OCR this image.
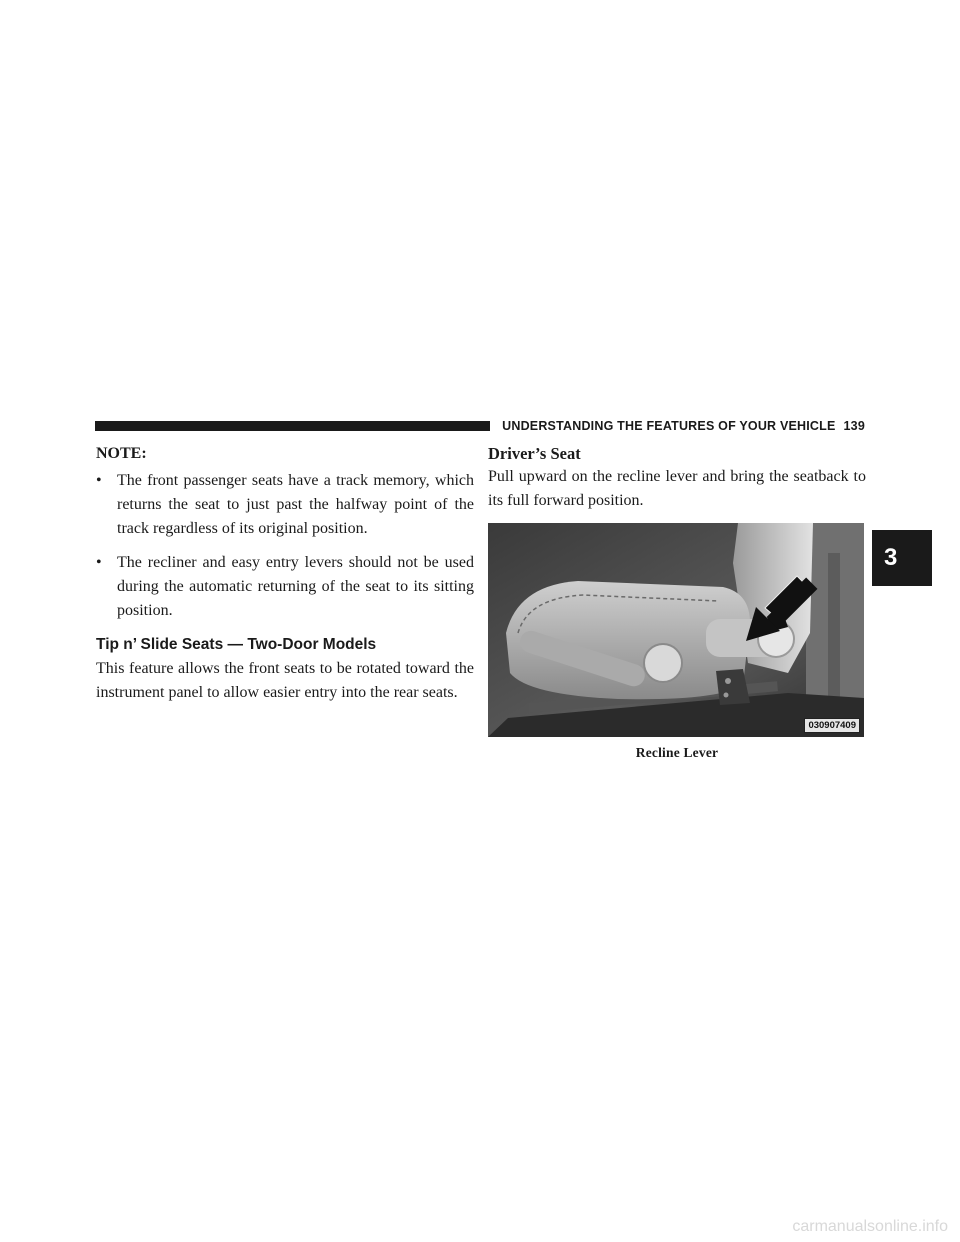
UNDERSTANDING THE FEATURES OF YOUR VEHICLE 139
NOTE:
• The front passenger seats have a track memory, which returns the seat to just past the halfway point of the track regardless of its original position.
• The recliner and easy entry levers should not be used during the automatic returning of the seat to its sitting position.
Tip n’ Slide Seats — Two-Door Models

This feature allows the front seats to be rotated toward the instrument panel to allow easier entry into the rear seats.

Driver’s Seat

Pull upward on the recline lever and bring the seatback to its full forward position.

030907409
Recline Lever
3
carmanualsonline.info
